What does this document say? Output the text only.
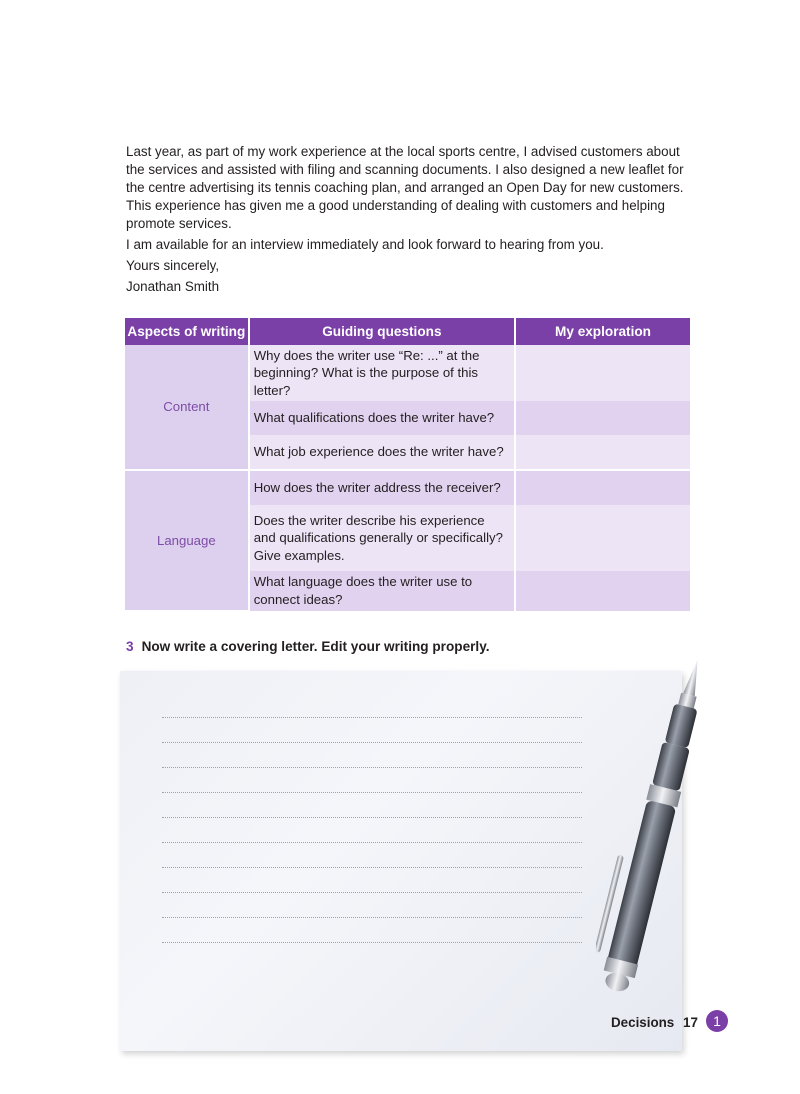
Last year, as part of my work experience at the local sports centre, I advised customers about the services and assisted with filing and scanning documents. I also designed a new leaflet for the centre advertising its tennis coaching plan, and arranged an Open Day for new customers. This experience has given me a good understanding of dealing with customers and helping promote services.

I am available for an interview immediately and look forward to hearing from you.

Yours sincerely,

Jonathan Smith

Aspects of writing	Guiding questions	My exploration
Content	Why does the writer use “Re: ...” at the beginning? What is the purpose of this letter?	
	What qualifications does the writer have?	
	What job experience does the writer have?	
Language	How does the writer address the receiver?	
	Does the writer describe his experience and qualifications generally or specifically? Give examples.	
	What language does the writer use to connect ideas?	
3 Now write a covering letter. Edit your writing properly.
Decisions 17	1
